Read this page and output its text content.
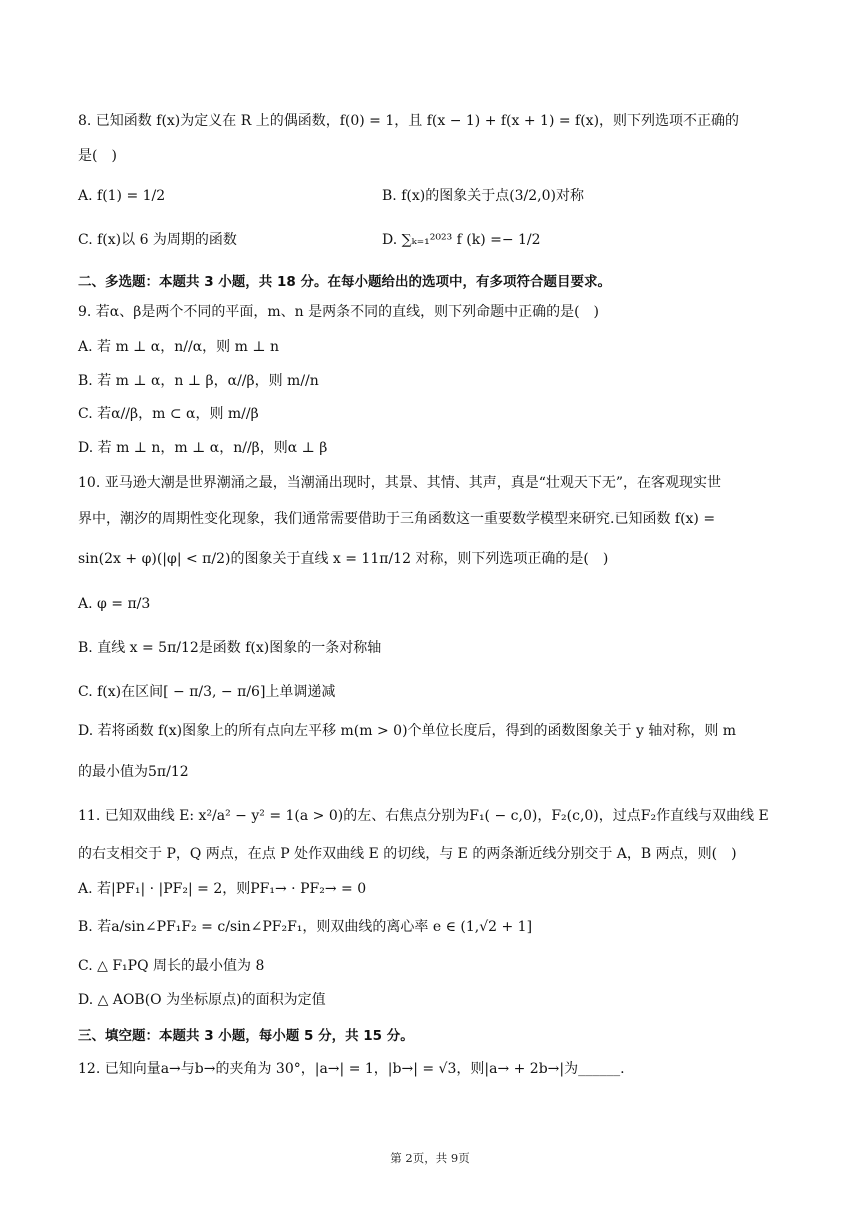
8. 已知函数 f(x)为定义在 R 上的偶函数，f(0) = 1，且 f(x − 1) + f(x + 1) = f(x)，则下列选项不正确的
是(　)
A. f(1) = 1/2	B. f(x)的图象关于点(3/2,0)对称
C. f(x)以 6 为周期的函数	D. ∑ₖ₌₁²⁰²³ f (k) =− 1/2
二、多选题：本题共 3 小题，共 18 分。在每小题给出的选项中，有多项符合题目要求。
9. 若α、β是两个不同的平面，m、n 是两条不同的直线，则下列命题中正确的是(　)
A. 若 m ⊥ α，n//α，则 m ⊥ n
B. 若 m ⊥ α，n ⊥ β，α//β，则 m//n
C. 若α//β，m ⊂ α，则 m//β
D. 若 m ⊥ n，m ⊥ α，n//β，则α ⊥ β
10. 亚马逊大潮是世界潮涌之最，当潮涌出现时，其景、其情、其声，真是“壮观天下无”，在客观现实世
界中，潮汐的周期性变化现象，我们通常需要借助于三角函数这一重要数学模型来研究.已知函数 f(x) =
sin(2x + φ)(|φ| < π/2)的图象关于直线 x = 11π/12 对称，则下列选项正确的是(　)
A. φ = π/3
B. 直线 x = 5π/12是函数 f(x)图象的一条对称轴
C. f(x)在区间[ − π/3, − π/6]上单调递减
D. 若将函数 f(x)图象上的所有点向左平移 m(m > 0)个单位长度后，得到的函数图象关于 y 轴对称，则 m
的最小值为5π/12
11. 已知双曲线 E: x²/a² − y² = 1(a > 0)的左、右焦点分别为F₁( − c,0)，F₂(c,0)，过点F₂作直线与双曲线 E
的右支相交于 P，Q 两点，在点 P 处作双曲线 E 的切线，与 E 的两条渐近线分别交于 A，B 两点，则(　)
A. 若|PF₁| · |PF₂| = 2，则PF₁→ · PF₂→ = 0
B. 若a/sin∠PF₁F₂ = c/sin∠PF₂F₁，则双曲线的离心率 e ∈ (1,√2 + 1]
C. △ F₁PQ 周长的最小值为 8
D. △ AOB(O 为坐标原点)的面积为定值
三、填空题：本题共 3 小题，每小题 5 分，共 15 分。
12. 已知向量a→与b→的夹角为 30°，|a→| = 1，|b→| = √3，则|a→ + 2b→|为______.
第 2页，共 9页
